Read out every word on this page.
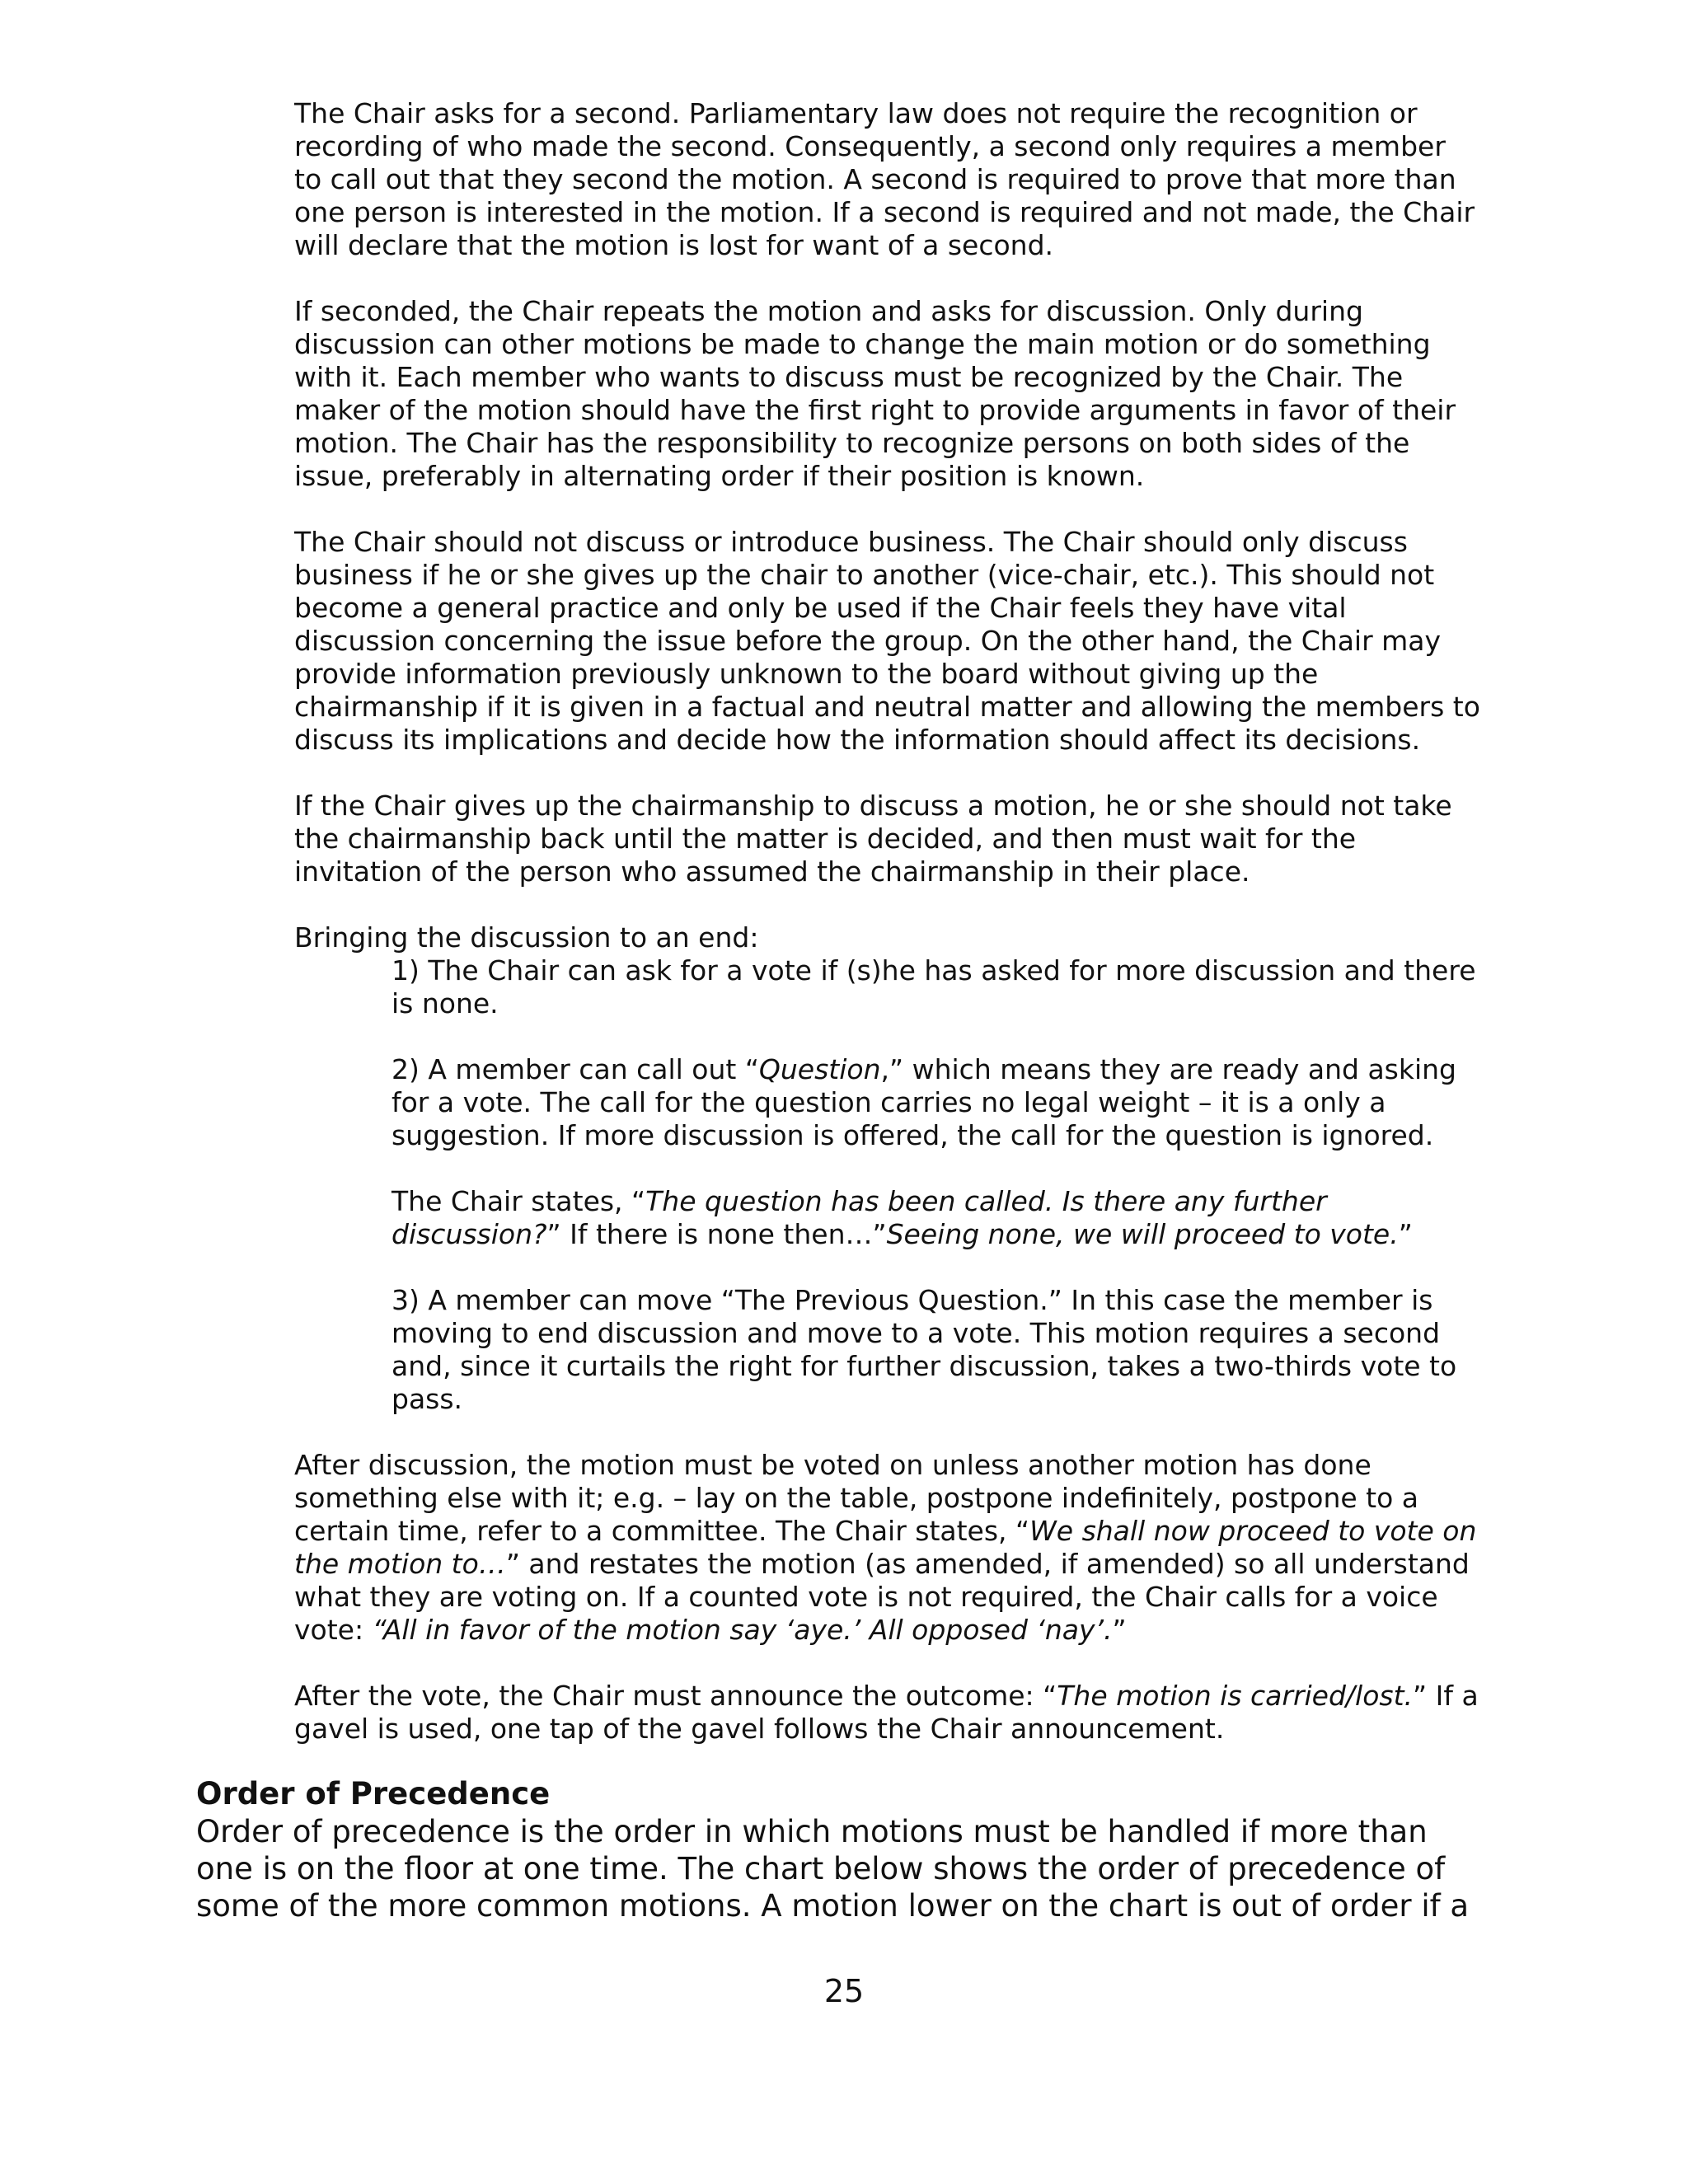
The Chair asks for a second. Parliamentary law does not require the recognition or recording of who made the second. Consequently, a second only requires a member to call out that they second the motion. A second is required to prove that more than one person is interested in the motion. If a second is required and not made, the Chair will declare that the motion is lost for want of a second.

If seconded, the Chair repeats the motion and asks for discussion. Only during discussion can other motions be made to change the main motion or do something with it. Each member who wants to discuss must be recognized by the Chair. The maker of the motion should have the first right to provide arguments in favor of their motion. The Chair has the responsibility to recognize persons on both sides of the issue, preferably in alternating order if their position is known.

The Chair should not discuss or introduce business. The Chair should only discuss business if he or she gives up the chair to another (vice-chair, etc.). This should not become a general practice and only be used if the Chair feels they have vital discussion concerning the issue before the group. On the other hand, the Chair may provide information previously unknown to the board without giving up the chairmanship if it is given in a factual and neutral matter and allowing the members to discuss its implications and decide how the information should affect its decisions.

If the Chair gives up the chairmanship to discuss a motion, he or she should not take the chairmanship back until the matter is decided, and then must wait for the invitation of the person who assumed the chairmanship in their place.

Bringing the discussion to an end:

1) The Chair can ask for a vote if (s)he has asked for more discussion and there is none.

2) A member can call out “Question,” which means they are ready and asking for a vote. The call for the question carries no legal weight – it is a only a suggestion. If more discussion is offered, the call for the question is ignored.

The Chair states, “The question has been called. Is there any further discussion?” If there is none then…”Seeing none, we will proceed to vote.”

3) A member can move “The Previous Question.” In this case the member is moving to end discussion and move to a vote. This motion requires a second and, since it curtails the right for further discussion, takes a two-thirds vote to pass.

After discussion, the motion must be voted on unless another motion has done something else with it; e.g. – lay on the table, postpone indefinitely, postpone to a certain time, refer to a committee. The Chair states, “We shall now proceed to vote on the motion to…” and restates the motion (as amended, if amended) so all understand what they are voting on. If a counted vote is not required, the Chair calls for a voice vote: “All in favor of the motion say ‘aye.’ All opposed ‘nay’.”

After the vote, the Chair must announce the outcome: “The motion is carried/lost.” If a gavel is used, one tap of the gavel follows the Chair announcement.

Order of Precedence

Order of precedence is the order in which motions must be handled if more than one is on the floor at one time. The chart below shows the order of precedence of some of the more common motions. A motion lower on the chart is out of order if a

25
